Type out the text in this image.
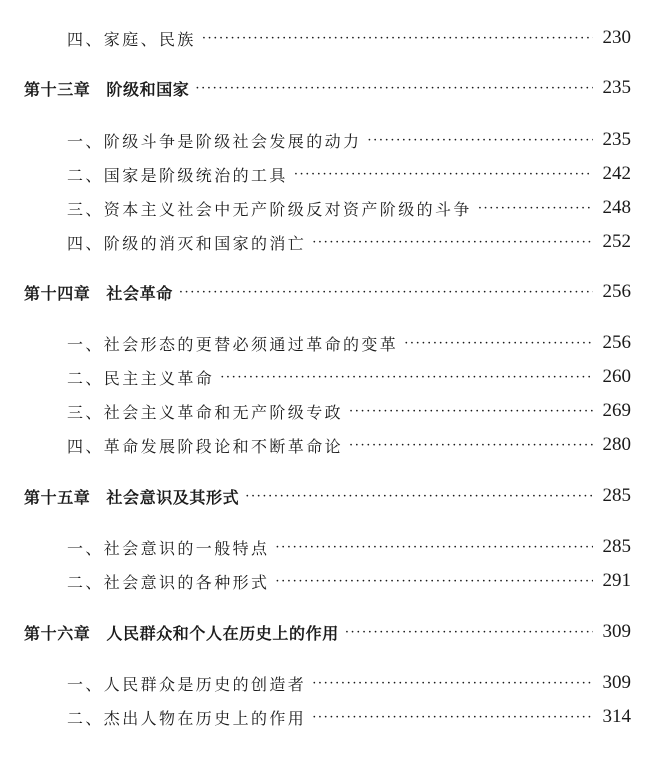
四、家庭、民族 ·····	230
第十三章 阶级和国家 ·····	235
一、阶级斗争是阶级社会发展的动力 ·····	235
二、国家是阶级统治的工具 ·····	242
三、资本主义社会中无产阶级反对资产阶级的斗争 ·····	248
四、阶级的消灭和国家的消亡 ·····	252
第十四章 社会革命 ·····	256
一、社会形态的更替必须通过革命的变革 ·····	256
二、民主主义革命 ·····	260
三、社会主义革命和无产阶级专政 ·····	269
四、革命发展阶段论和不断革命论 ·····	280
第十五章 社会意识及其形式 ·····	285
一、社会意识的一般特点 ·····	285
二、社会意识的各种形式 ·····	291
第十六章 人民群众和个人在历史上的作用 ·····	309
一、人民群众是历史的创造者 ·····	309
二、杰出人物在历史上的作用 ·····	314
